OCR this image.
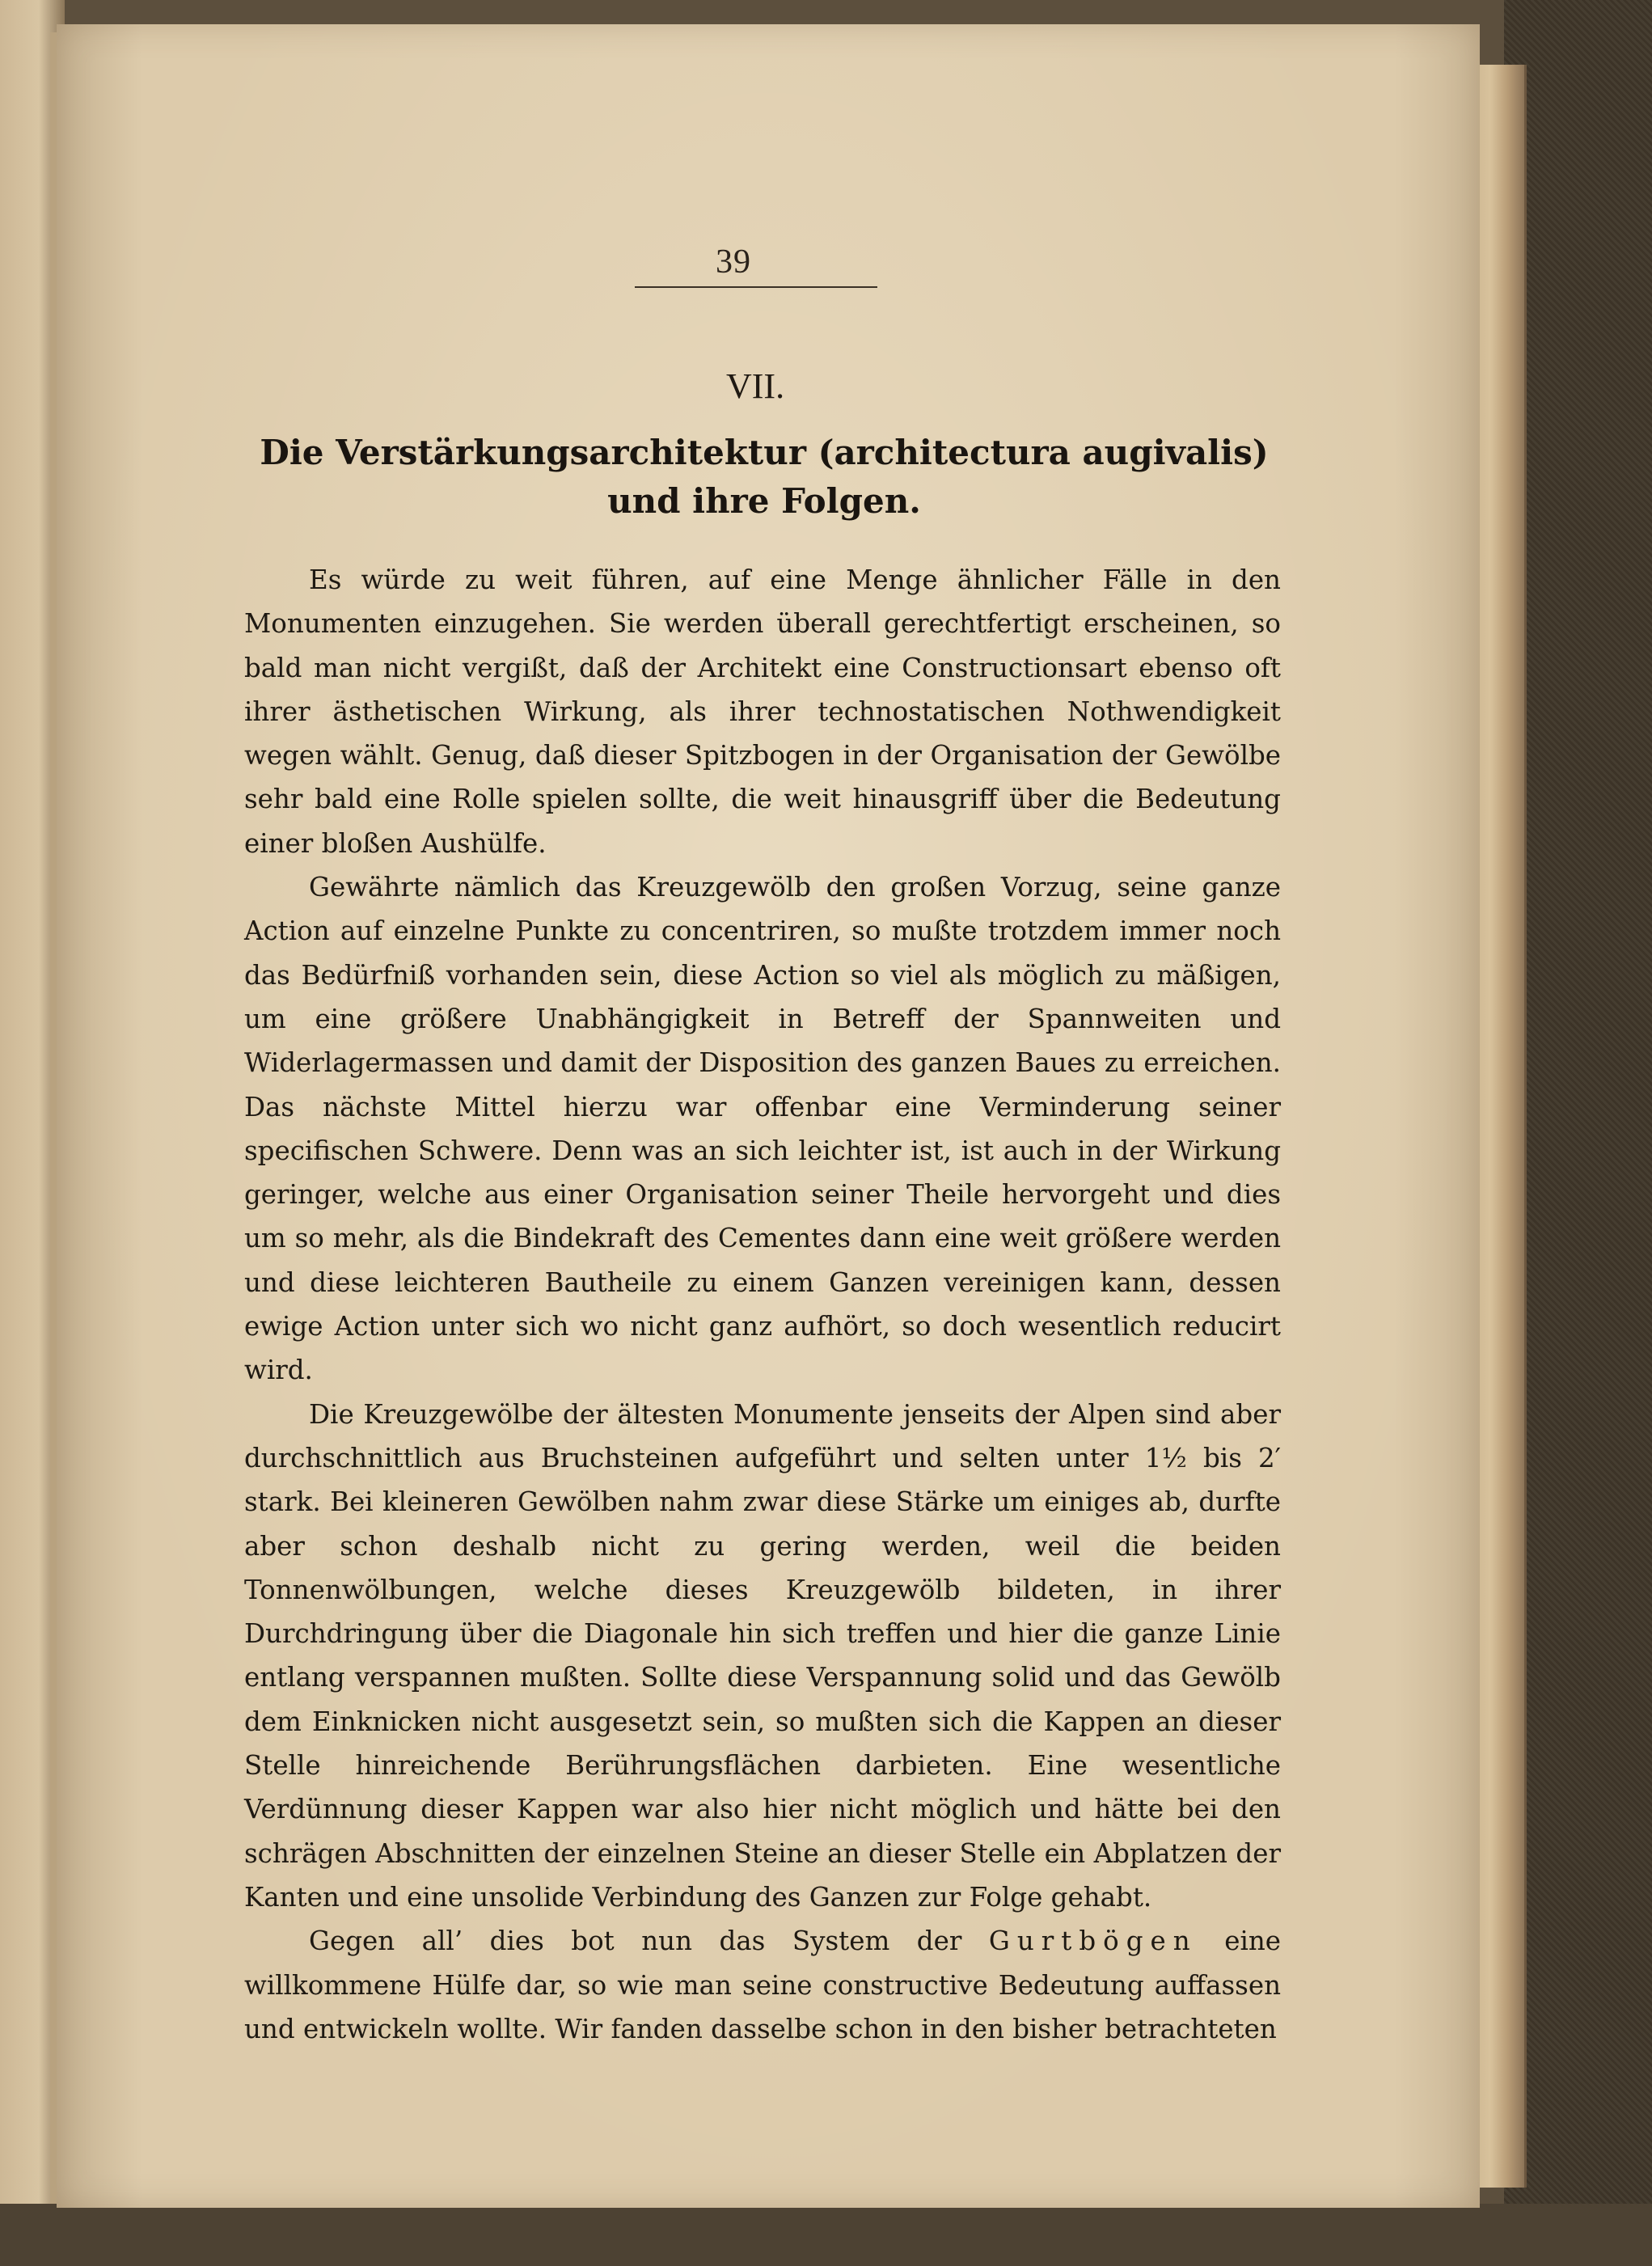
39
VII.
Die Verstärkungsarchitektur (architectura augivalis) und ihre Folgen.

Es würde zu weit führen, auf eine Menge ähnlicher Fälle in den Monumenten einzugehen. Sie werden überall gerechtfertigt erscheinen, so bald man nicht vergißt, daß der Architekt eine Constructionsart ebenso oft ihrer ästhetischen Wirkung, als ihrer technostatischen Nothwendigkeit wegen wählt. Genug, daß dieser Spitzbogen in der Organisation der Gewölbe sehr bald eine Rolle spielen sollte, die weit hinausgriff über die Bedeutung einer bloßen Aushülfe.

Gewährte nämlich das Kreuzgewölb den großen Vorzug, seine ganze Action auf einzelne Punkte zu concentriren, so mußte trotzdem immer noch das Bedürfniß vorhanden sein, diese Action so viel als möglich zu mäßigen, um eine größere Unabhängigkeit in Betreff der Spannweiten und Widerlagermassen und damit der Disposition des ganzen Baues zu erreichen. Das nächste Mittel hierzu war offenbar eine Verminderung seiner specifischen Schwere. Denn was an sich leichter ist, ist auch in der Wirkung geringer, welche aus einer Organisation seiner Theile hervorgeht und dies um so mehr, als die Bindekraft des Cementes dann eine weit größere werden und diese leichteren Bautheile zu einem Ganzen vereinigen kann, dessen ewige Action unter sich wo nicht ganz aufhört, so doch wesentlich reducirt wird.

Die Kreuzgewölbe der ältesten Monumente jenseits der Alpen sind aber durchschnittlich aus Bruchsteinen aufgeführt und selten unter 1½ bis 2′ stark. Bei kleineren Gewölben nahm zwar diese Stärke um einiges ab, durfte aber schon deshalb nicht zu gering werden, weil die beiden Tonnenwölbungen, welche dieses Kreuzgewölb bildeten, in ihrer Durchdringung über die Diagonale hin sich treffen und hier die ganze Linie entlang verspannen mußten. Sollte diese Verspannung solid und das Gewölb dem Einknicken nicht ausgesetzt sein, so mußten sich die Kappen an dieser Stelle hinreichende Berührungsflächen darbieten. Eine wesentliche Verdünnung dieser Kappen war also hier nicht möglich und hätte bei den schrägen Abschnitten der einzelnen Steine an dieser Stelle ein Abplatzen der Kanten und eine unsolide Verbindung des Ganzen zur Folge gehabt.

Gegen all’ dies bot nun das System der Gurtbögen eine willkommene Hülfe dar, so wie man seine constructive Bedeutung auffassen und entwickeln wollte. Wir fanden dasselbe schon in den bisher betrachteten
